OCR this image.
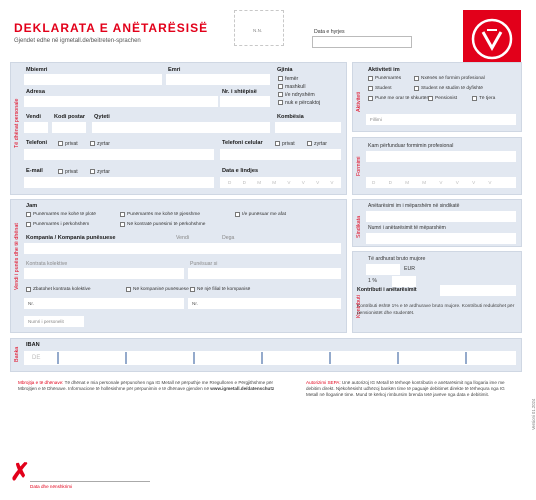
DEKLARATA E ANËTARËSISË
Gjendet edhe në igmetall.de/beitreten-sprachen
N.N.	Data e hyrjes
Të dhënat personale
Mbiemri	Emri	Gjinia
femër
mashkull
i/e ndryshëm
nuk e përcaktoj
Adresa	Nr. i shtëpisë
Vendi Kodi postar Qyteti	Kombësia
Telefoni	privat	zyrtar	Telefoni celular	privat	zyrtar
E-mail	privat	zyrtar	Data e lindjes
D D M M V V V V
Aktiviteti
Aktiviteti im
Punëmarrës	Nxënës në formim profesional
Student	Student në studim të dyfishtë
Punë me orar të shkurtër Pensionist	Të tjera
Fillimi
Formimi
Kam përfunduar formimin profesional
D D M M V V V V
Vendi i punës dhe të dhënat
Jam
Punëmarrës me kohë të plotë	Punëmarrës me kohë të pjesshme	I/e punësuar me afat
Punëmarrës i përkohshëm	Në kontratë punësimi të përkohshme
Kompania / Kompania punësuese	Vendi	Dega
Kontrata kolektive	Punësuar si
Zbatohet kontrata kolektive	Në kompaninë punësuese Në një filial të kompanisë
Nr.	Nr.
Numri i personelit
Sindikata
Anëtarësimi im i mëparshëm në sindikatë
Numri i anëtarësimit të mëparshëm
Kontributi
Të ardhurat bruto mujore
EUR
1 %
Kontributi i anëtarësimit
Kontributi është 1% e të ardhurave bruto mujore. Kontributi reduktohet për pensionistët dhe studentët.
Banka
IBAN
DE
Mbrojtja e të dhënave: Të dhënat e mia personale përpunohen nga IG Metall në përputhje me Rregulloren e Përgjithshme për Mbrojtjen e të Dhënave. Informacione të hollësishme për përpunimin e të dhënave gjenden në www.igmetall.de/datenschutz
Autorizimi SEPA: Unë autorizoj IG Metall të tërheqë kontributin e anëtarësimit nga llogaria ime me debitim direkt. Njëkohësisht udhëzoj bankën time të paguajë debitimet direkte të tërhequra nga IG Metall në llogarinë time. Mund të kërkoj rimbursim brenda tetë javëve nga data e debitimit.
Versioni 01.2024
✗
Data dhe nënshkrimi
